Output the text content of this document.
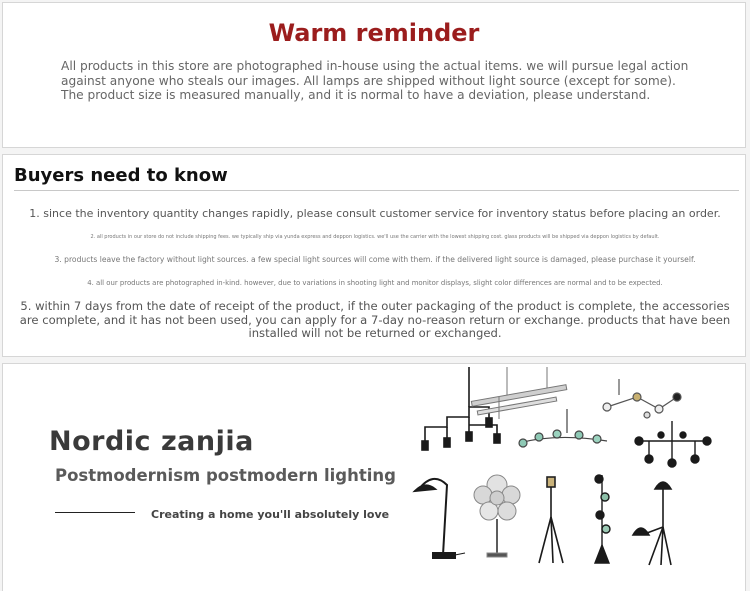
Warm reminder

All products in this store are photographed in-house using the actual items. we will pursue legal action against anyone who steals our images. All lamps are shipped without light source (except for some). The product size is measured manually, and it is normal to have a deviation, please understand.

Buyers need to know

1. since the inventory quantity changes rapidly, please consult customer service for inventory status before placing an order.

2. all products in our store do not include shipping fees. we typically ship via yunda express and deppon logistics. we'll use the carrier with the lowest shipping cost. glass products will be shipped via deppon logistics by default.

3. products leave the factory without light sources. a few special light sources will come with them. if the delivered light source is damaged, please purchase it yourself.

4. all our products are photographed in-kind. however, due to variations in shooting light and monitor displays, slight color differences are normal and to be expected.

5. within 7 days from the date of receipt of the product, if the outer packaging of the product is complete, the accessories are complete, and it has not been used, you can apply for a 7-day no-reason return or exchange. products that have been installed will not be returned or exchanged.

Nordic zanjia

Postmodernism postmodern lighting

Creating a home you'll absolutely love
